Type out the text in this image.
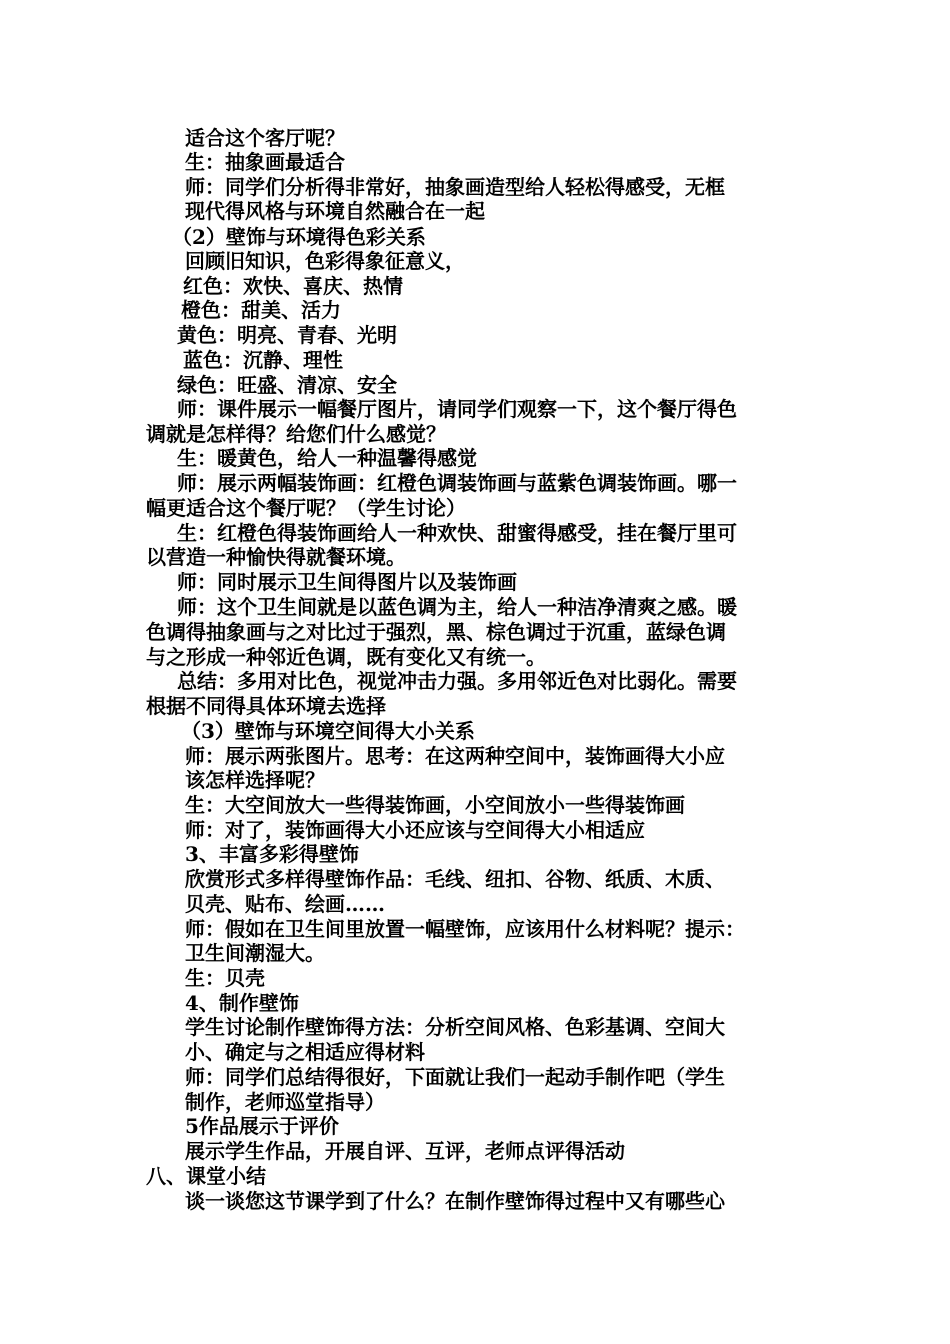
适合这个客厅呢？
生：抽象画最适合
师：同学们分析得非常好，抽象画造型给人轻松得感受，无框
现代得风格与环境自然融合在一起
（2）壁饰与环境得色彩关系
回顾旧知识，色彩得象征意义，
红色：欢快、喜庆、热情
橙色：甜美、活力
黄色：明亮、青春、光明
蓝色：沉静、理性
绿色：旺盛、清凉、安全
师：课件展示一幅餐厅图片，请同学们观察一下，这个餐厅得色
调就是怎样得？给您们什么感觉？
生：暖黄色，给人一种温馨得感觉
师：展示两幅装饰画：红橙色调装饰画与蓝紫色调装饰画。哪一
幅更适合这个餐厅呢？（学生讨论）
生：红橙色得装饰画给人一种欢快、甜蜜得感受，挂在餐厅里可
以营造一种愉快得就餐环境。
师：同时展示卫生间得图片以及装饰画
师：这个卫生间就是以蓝色调为主，给人一种洁净清爽之感。暖
色调得抽象画与之对比过于强烈，黑、棕色调过于沉重，蓝绿色调
与之形成一种邻近色调，既有变化又有统一。
总结：多用对比色，视觉冲击力强。多用邻近色对比弱化。需要
根据不同得具体环境去选择
（3）壁饰与环境空间得大小关系
师：展示两张图片。思考：在这两种空间中，装饰画得大小应
该怎样选择呢？
生：大空间放大一些得装饰画，小空间放小一些得装饰画
师：对了，装饰画得大小还应该与空间得大小相适应
3、丰富多彩得壁饰
欣赏形式多样得壁饰作品：毛线、纽扣、谷物、纸质、木质、
贝壳、贴布、绘画……
师：假如在卫生间里放置一幅壁饰，应该用什么材料呢？提示：
卫生间潮湿大。
生：贝壳
4、制作壁饰
学生讨论制作壁饰得方法：分析空间风格、色彩基调、空间大
小、确定与之相适应得材料
师：同学们总结得很好，下面就让我们一起动手制作吧（学生
制作，老师巡堂指导）
5作品展示于评价
展示学生作品，开展自评、互评，老师点评得活动
八、课堂小结
谈一谈您这节课学到了什么？在制作壁饰得过程中又有哪些心
